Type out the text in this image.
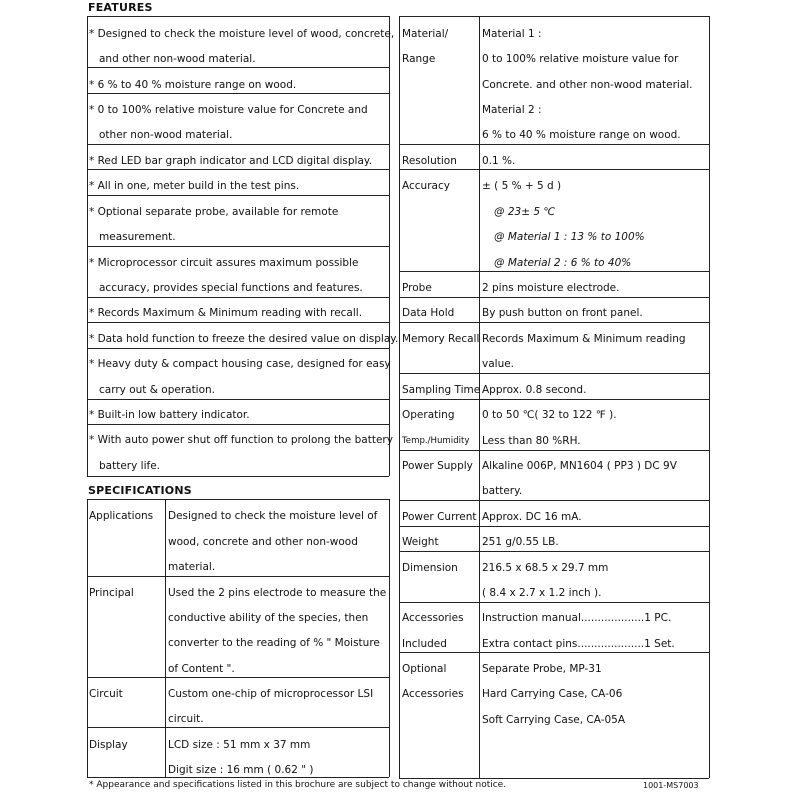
FEATURES
* Designed to check the moisture level of wood, concrete,
and other non-wood material.
* 6 % to 40 % moisture range on wood.
* 0 to 100% relative moisture value for Concrete and
other non-wood material.
* Red LED bar graph indicator and LCD digital display.
* All in one, meter build in the test pins.
* Optional separate probe, available for remote
measurement.
* Microprocessor circuit assures maximum possible
accuracy, provides special functions and features.
* Records Maximum & Minimum reading with recall.
* Data hold function to freeze the desired value on display.
* Heavy duty & compact housing case, designed for easy
carry out & operation.
* Built-in low battery indicator.
* With auto power shut off function to prolong the battery
battery life.
SPECIFICATIONS
Applications
Principal
Circuit
Display
Designed to check the moisture level of
wood, concrete and other non-wood
material.
Used the 2 pins electrode to measure the
conductive ability of the species, then
converter to the reading of % " Moisture
of Content ".
Custom one-chip of microprocessor LSI
circuit.
LCD size : 51 mm x 37 mm
Digit size : 16 mm ( 0.62 " )
Material/
Range
Resolution
Accuracy
Probe
Data Hold
Memory Recall
Sampling Time
Operating
Temp./Humidity
Power Supply
Power Current
Weight
Dimension
Accessories
Included
Optional
Accessories
Material 1 :
0 to 100% relative moisture value for
Concrete. and other non-wood material.
Material 2 :
6 % to 40 % moisture range on wood.
0.1 %.
± ( 5 % + 5 d )
@ 23± 5 ℃
@ Material 1 : 13 % to 100%
@ Material 2 : 6 % to 40%
2 pins moisture electrode.
By push button on front panel.
Records Maximum & Minimum reading
value.
Approx. 0.8 second.
0 to 50 ℃( 32 to 122 ℉ ).
Less than 80 %RH.
Alkaline 006P, MN1604 ( PP3 ) DC 9V
battery.
Approx. DC 16 mA.
251 g/0.55 LB.
216.5 x 68.5 x 29.7 mm
( 8.4 x 2.7 x 1.2 inch ).
Instruction manual...................1 PC.
Extra contact pins....................1 Set.
Separate Probe, MP-31
Hard Carrying Case, CA-06
Soft Carrying Case, CA-05A
* Appearance and specifications listed in this brochure are subject to change without notice.	1001-MS7003
